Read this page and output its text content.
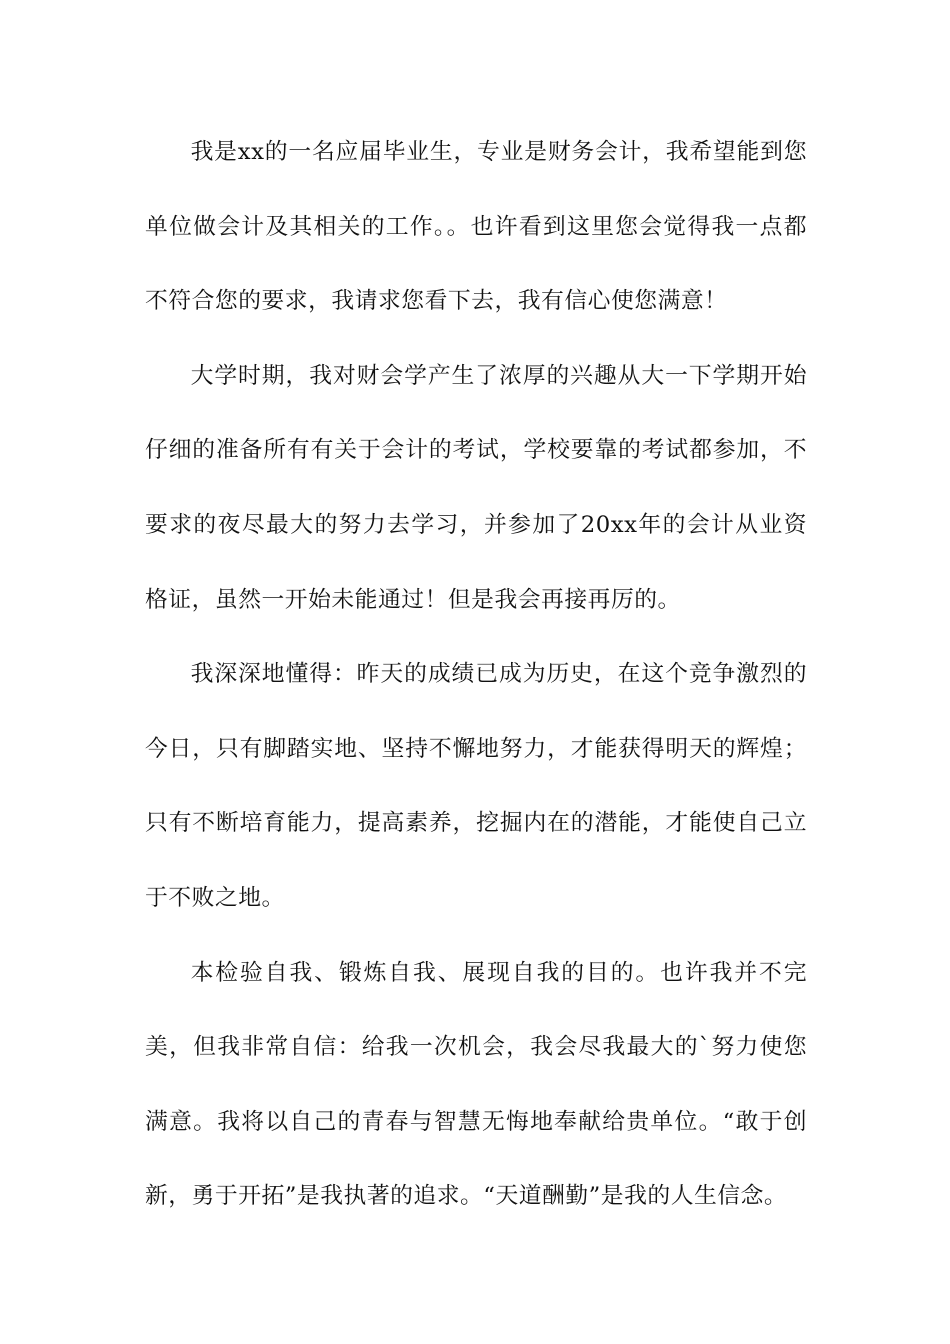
我是xx的一名应届毕业生，专业是财务会计，我希望能到您单位做会计及其相关的工作。。也许看到这里您会觉得我一点都不符合您的要求，我请求您看下去，我有信心使您满意！

大学时期，我对财会学产生了浓厚的兴趣从大一下学期开始仔细的准备所有有关于会计的考试，学校要靠的考试都参加，不要求的夜尽最大的努力去学习，并参加了20xx年的会计从业资格证，虽然一开始未能通过！但是我会再接再厉的。

我深深地懂得：昨天的成绩已成为历史，在这个竞争激烈的今日，只有脚踏实地、坚持不懈地努力，才能获得明天的辉煌；只有不断培育能力，提高素养，挖掘内在的潜能，才能使自己立于不败之地。

本检验自我、锻炼自我、展现自我的目的。也许我并不完美，但我非常自信：给我一次机会，我会尽我最大的`努力使您满意。我将以自己的青春与智慧无悔地奉献给贵单位。“敢于创新，勇于开拓”是我执著的追求。“天道酬勤”是我的人生信念。
